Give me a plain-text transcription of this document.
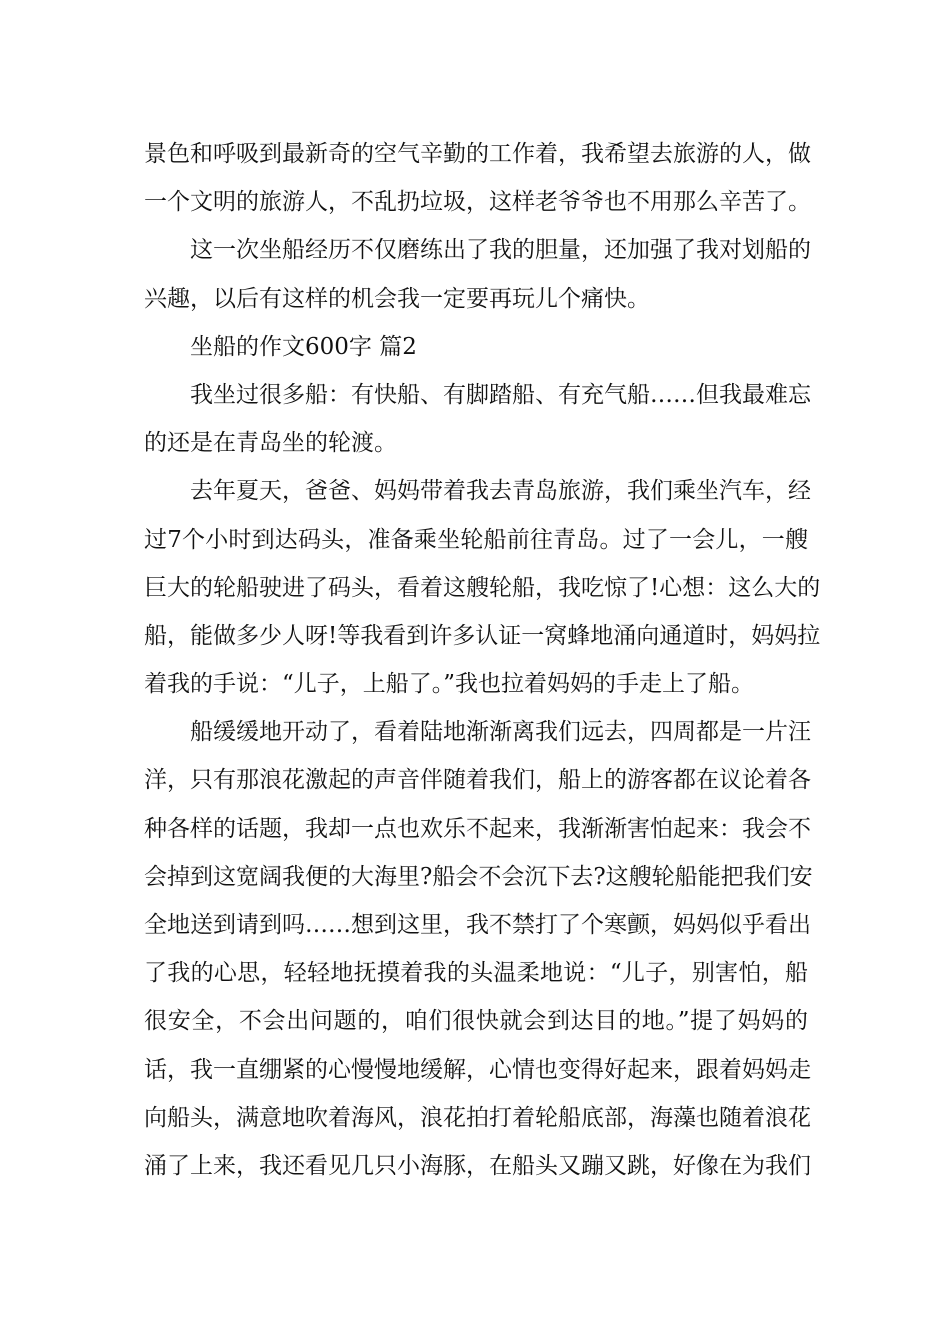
景色和呼吸到最新奇的空气辛勤的工作着，我希望去旅游的人，做
一个文明的旅游人，不乱扔垃圾，这样老爷爷也不用那么辛苦了。
这一次坐船经历不仅磨练出了我的胆量，还加强了我对划船的
兴趣，以后有这样的机会我一定要再玩儿个痛快。
坐船的作文600字 篇2
我坐过很多船：有快船、有脚踏船、有充气船……但我最难忘
的还是在青岛坐的轮渡。
去年夏天，爸爸、妈妈带着我去青岛旅游，我们乘坐汽车，经
过7个小时到达码头，准备乘坐轮船前往青岛。过了一会儿，一艘
巨大的轮船驶进了码头，看着这艘轮船，我吃惊了!心想：这么大的
船，能做多少人呀!等我看到许多认证一窝蜂地涌向通道时，妈妈拉
着我的手说：“儿子，上船了。”我也拉着妈妈的手走上了船。
船缓缓地开动了，看着陆地渐渐离我们远去，四周都是一片汪
洋，只有那浪花激起的声音伴随着我们，船上的游客都在议论着各
种各样的话题，我却一点也欢乐不起来，我渐渐害怕起来：我会不
会掉到这宽阔我便的大海里?船会不会沉下去?这艘轮船能把我们安
全地送到请到吗……想到这里，我不禁打了个寒颤，妈妈似乎看出
了我的心思，轻轻地抚摸着我的头温柔地说：“儿子，别害怕，船
很安全，不会出问题的，咱们很快就会到达目的地。”提了妈妈的
话，我一直绷紧的心慢慢地缓解，心情也变得好起来，跟着妈妈走
向船头，满意地吹着海风，浪花拍打着轮船底部，海藻也随着浪花
涌了上来，我还看见几只小海豚，在船头又蹦又跳，好像在为我们
